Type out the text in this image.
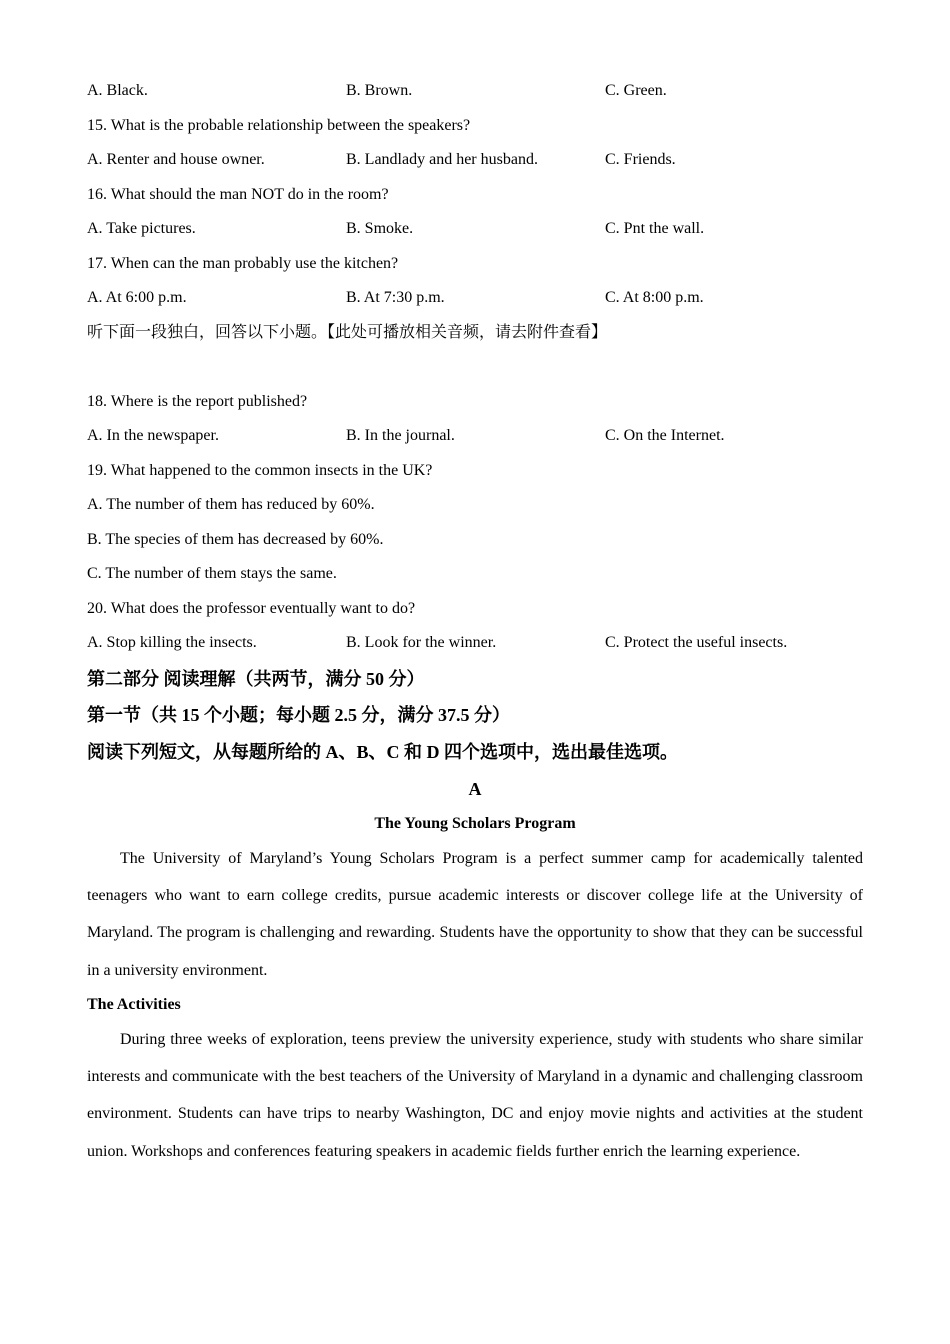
A. Black.	B. Brown.	C. Green.
15. What is the probable relationship between the speakers?
A. Renter and house owner.	B. Landlady and her husband.	C. Friends.
16. What should the man NOT do in the room?
A. Take pictures.	B. Smoke.	C. Pnt the wall.
17. When can the man probably use the kitchen?
A. At 6:00 p.m.	B. At 7:30 p.m.	C. At 8:00 p.m.
听下面一段独白，回答以下小题。【此处可播放相关音频，请去附件查看】
18. Where is the report published?
A. In the newspaper.	B. In the journal.	C. On the Internet.
19. What happened to the common insects in the UK?
A. The number of them has reduced by 60%.
B. The species of them has decreased by 60%.
C. The number of them stays the same.
20. What does the professor eventually want to do?
A. Stop killing the insects.	B. Look for the winner.	C. Protect the useful insects.
第二部分 阅读理解（共两节，满分 50 分）
第一节（共 15 个小题；每小题 2.5 分，满分 37.5 分）
阅读下列短文，从每题所给的 A、B、C 和 D 四个选项中，选出最佳选项。
A
The Young Scholars Program

The University of Maryland’s Young Scholars Program is a perfect summer camp for academically talented teenagers who want to earn college credits, pursue academic interests or discover college life at the University of Maryland. The program is challenging and rewarding. Students have the opportunity to show that they can be successful in a university environment.

The Activities

During three weeks of exploration, teens preview the university experience, study with students who share similar interests and communicate with the best teachers of the University of Maryland in a dynamic and challenging classroom environment. Students can have trips to nearby Washington, DC and enjoy movie nights and activities at the student union. Workshops and conferences featuring speakers in academic fields further enrich the learning experience.
